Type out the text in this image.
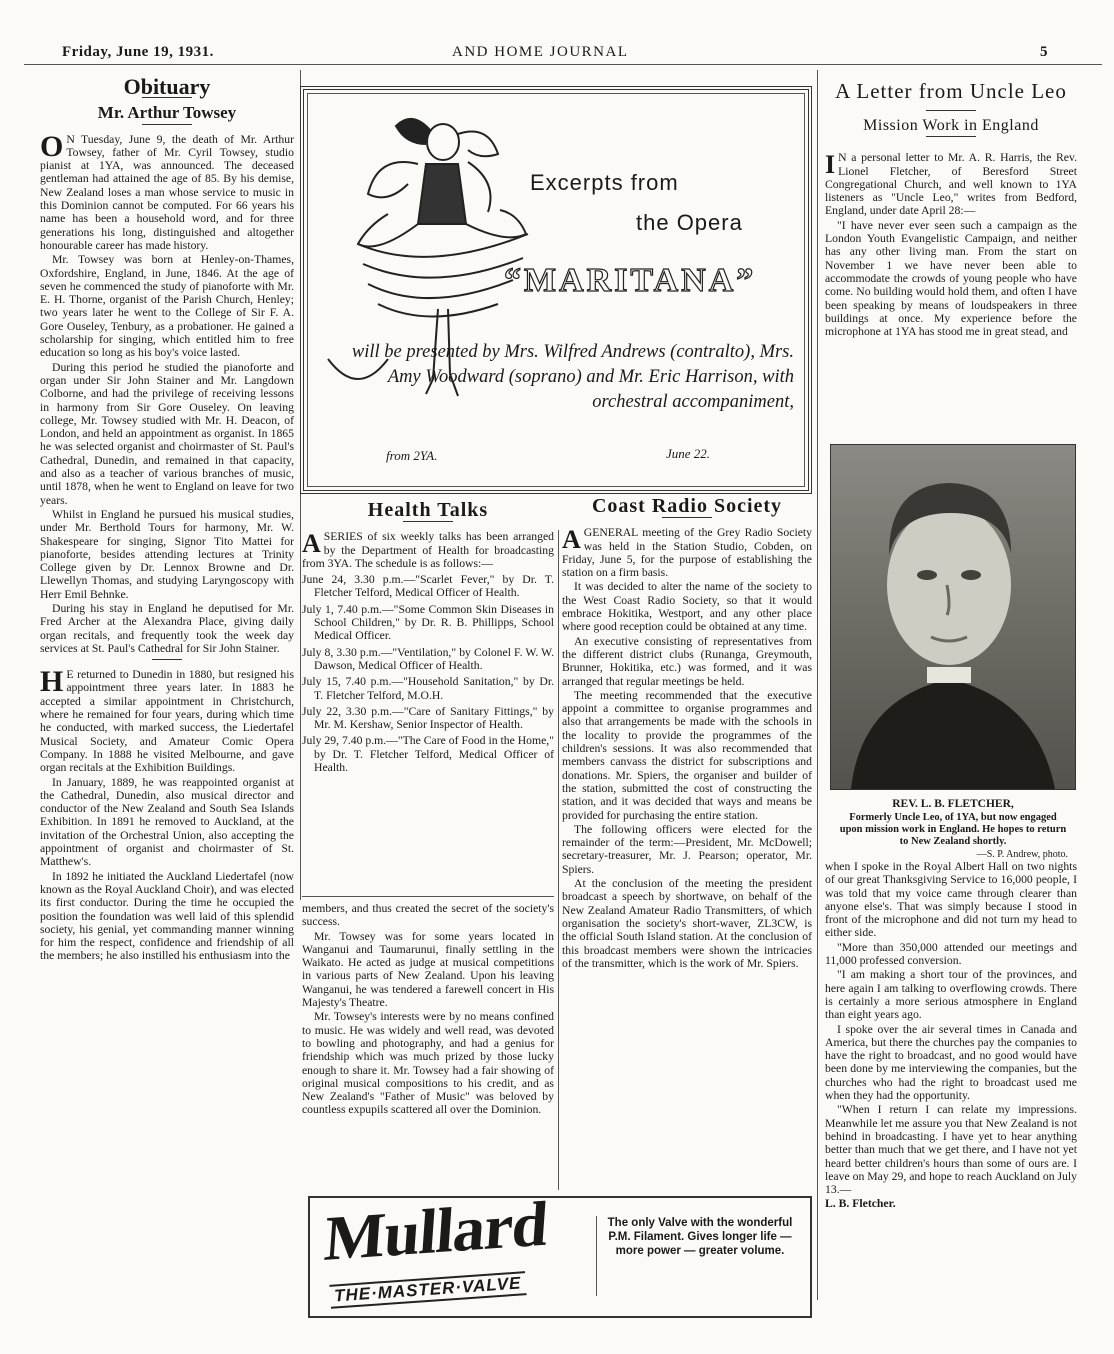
Friday, June 19, 1931.	AND HOME JOURNAL	5
Obituary
Mr. Arthur Towsey

O N Tuesday, June 9, the death of Mr. Arthur Towsey, father of Mr. Cyril Towsey, studio pianist at 1YA, was announced. The deceased gentleman had attained the age of 85. By his demise, New Zealand loses a man whose service to music in this Dominion cannot be computed. For 66 years his name has been a household word, and for three generations his long, distinguished and altogether honourable career has made history.

Mr. Towsey was born at Henley-on-Thames, Oxfordshire, England, in June, 1846. At the age of seven he commenced the study of pianoforte with Mr. E. H. Thorne, organist of the Parish Church, Henley; two years later he went to the College of Sir F. A. Gore Ouseley, Tenbury, as a probationer. He gained a scholarship for singing, which entitled him to free education so long as his boy's voice lasted.

During this period he studied the pianoforte and organ under Sir John Stainer and Mr. Langdown Colborne, and had the privilege of receiving lessons in harmony from Sir Gore Ouseley. On leaving college, Mr. Towsey studied with Mr. H. Deacon, of London, and held an appointment as organist. In 1865 he was selected organist and choirmaster of St. Paul's Cathedral, Dunedin, and remained in that capacity, and also as a teacher of various branches of music, until 1878, when he went to England on leave for two years.

Whilst in England he pursued his musical studies, under Mr. Berthold Tours for harmony, Mr. W. Shakespeare for singing, Signor Tito Mattei for pianoforte, besides attending lectures at Trinity College given by Dr. Lennox Browne and Dr. Llewellyn Thomas, and studying Laryngoscopy with Herr Emil Behnke.

During his stay in England he deputised for Mr. Fred Archer at the Alexandra Place, giving daily organ recitals, and frequently took the week day services at St. Paul's Cathedral for Sir John Stainer.

H E returned to Dunedin in 1880, but resigned his appointment three years later. In 1883 he accepted a similar appointment in Christchurch, where he remained for four years, during which time he conducted, with marked success, the Liedertafel Musical Society, and Amateur Comic Opera Company. In 1888 he visited Melbourne, and gave organ recitals at the Exhibition Buildings.

In January, 1889, he was reappointed organist at the Cathedral, Dunedin, also musical director and conductor of the New Zealand and South Sea Islands Exhibition. In 1891 he removed to Auckland, at the invitation of the Orchestral Union, also accepting the appointment of organist and choirmaster of St. Matthew's.

In 1892 he initiated the Auckland Liedertafel (now known as the Royal Auckland Choir), and was elected its first conductor. During the time he occupied the position the foundation was well laid of this splendid society, his genial, yet commanding manner winning for him the respect, confidence and friendship of all the members; he also instilled his enthusiasm into the

Excerpts from
the Opera
“MARITANA”
will be presented by Mrs. Wilfred Andrews (contralto), Mrs. Amy Woodward (soprano) and Mr. Eric Harrison, with orchestral accompaniment,
from 2YA.	June 22.
Health Talks

ASERIES of six weekly talks has been arranged by the Department of Health for broadcasting from 3YA. The schedule is as follows:—

June 24, 3.30 p.m.—"Scarlet Fever," by Dr. T. Fletcher Telford, Medical Officer of Health.

July 1, 7.40 p.m.—"Some Common Skin Diseases in School Children," by Dr. R. B. Phillipps, School Medical Officer.

July 8, 3.30 p.m.—"Ventilation," by Colonel F. W. W. Dawson, Medical Officer of Health.

July 15, 7.40 p.m.—"Household Sanitation," by Dr. T. Fletcher Telford, M.O.H.

July 22, 3.30 p.m.—"Care of Sanitary Fittings," by Mr. M. Kershaw, Senior Inspector of Health.

July 29, 7.40 p.m.—"The Care of Food in the Home," by Dr. T. Fletcher Telford, Medical Officer of Health.

members, and thus created the secret of the society's success.

Mr. Towsey was for some years located in Wanganui and Taumarunui, finally settling in the Waikato. He acted as judge at musical competitions in various parts of New Zealand. Upon his leaving Wanganui, he was tendered a farewell concert in His Majesty's Theatre.

Mr. Towsey's interests were by no means confined to music. He was widely and well read, was devoted to bowling and photography, and had a genius for friendship which was much prized by those lucky enough to share it. Mr. Towsey had a fair showing of original musical compositions to his credit, and as New Zealand's "Father of Music" was beloved by countless expupils scattered all over the Dominion.

Coast Radio Society

AGENERAL meeting of the Grey Radio Society was held in the Station Studio, Cobden, on Friday, June 5, for the purpose of establishing the station on a firm basis.

It was decided to alter the name of the society to the West Coast Radio Society, so that it would embrace Hokitika, Westport, and any other place where good reception could be obtained at any time.

An executive consisting of representatives from the different district clubs (Runanga, Greymouth, Brunner, Hokitika, etc.) was formed, and it was arranged that regular meetings be held.

The meeting recommended that the executive appoint a committee to organise programmes and also that arrangements be made with the schools in the locality to provide the programmes of the children's sessions. It was also recommended that members canvass the district for subscriptions and donations. Mr. Spiers, the organiser and builder of the station, submitted the cost of constructing the station, and it was decided that ways and means be provided for purchasing the entire station.

The following officers were elected for the remainder of the term:—President, Mr. McDowell; secretary-treasurer, Mr. J. Pearson; operator, Mr. Spiers.

At the conclusion of the meeting the president broadcast a speech by shortwave, on behalf of the New Zealand Amateur Radio Transmitters, of which organisation the society's short-waver, ZL3CW, is the official South Island station. At the conclusion of this broadcast members were shown the intricacies of the transmitter, which is the work of Mr. Spiers.

Mullard
THE·MASTER·VALVE
The only Valve with the wonderful P.M. Filament. Gives longer life — more power — greater volume.
A Letter from Uncle Leo
Mission Work in England

I N a personal letter to Mr. A. R. Harris, the Rev. Lionel Fletcher, of Beresford Street Congregational Church, and well known to 1YA listeners as "Uncle Leo," writes from Bedford, England, under date April 28:—

"I have never ever seen such a campaign as the London Youth Evangelistic Campaign, and neither has any other living man. From the start on November 1 we have never been able to accommodate the crowds of young people who have come. No building would hold them, and often I have been speaking by means of loudspeakers in three buildings at once. My experience before the microphone at 1YA has stood me in great stead, and

REV. L. B. FLETCHER,
Formerly Uncle Leo, of 1YA, but now engaged upon mission work in England. He hopes to return to New Zealand shortly.
—S. P. Andrew, photo.

when I spoke in the Royal Albert Hall on two nights of our great Thanksgiving Service to 16,000 people, I was told that my voice came through clearer than anyone else's. That was simply because I stood in front of the microphone and did not turn my head to either side.

"More than 350,000 attended our meetings and 11,000 professed conversion.

"I am making a short tour of the provinces, and here again I am talking to overflowing crowds. There is certainly a more serious atmosphere in England than eight years ago.

I spoke over the air several times in Canada and America, but there the churches pay the companies to have the right to broadcast, and no good would have been done by me interviewing the companies, but the churches who had the right to broadcast used me when they had the opportunity.

"When I return I can relate my impressions. Meanwhile let me assure you that New Zealand is not behind in broadcasting. I have yet to hear anything better than much that we get there, and I have not yet heard better children's hours than some of ours are. I leave on May 29, and hope to reach Auckland on July 13.—

L. B. Fletcher.
